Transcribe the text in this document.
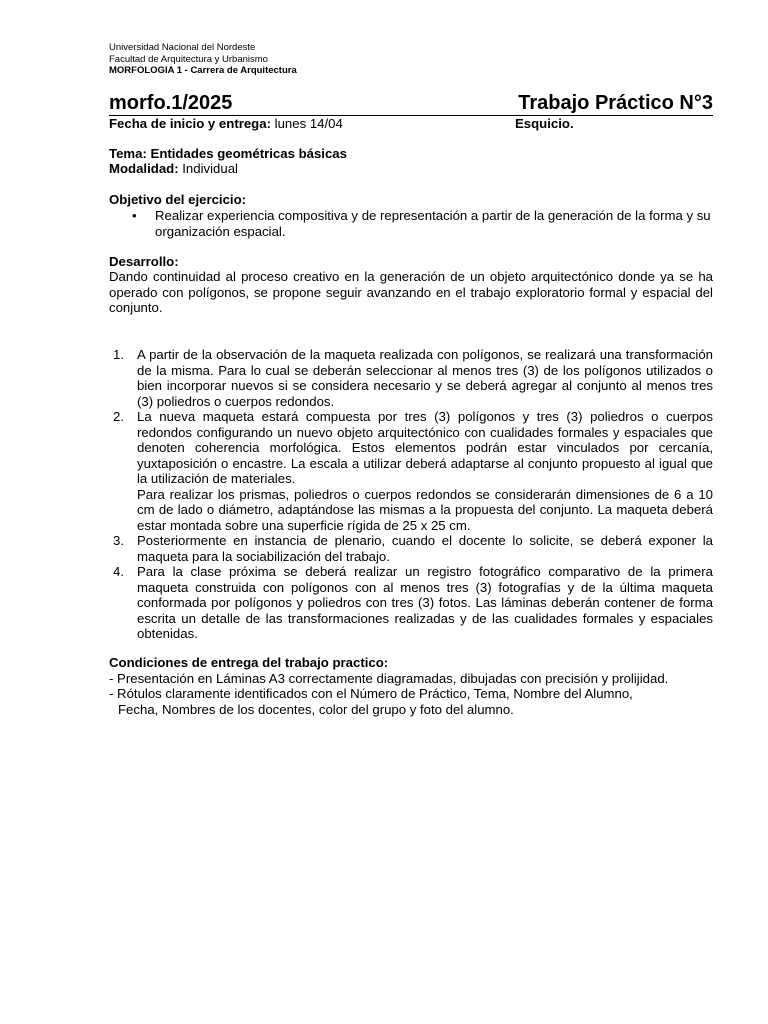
Universidad Nacional del Nordeste
Facultad de Arquitectura y Urbanismo
MORFOLOGIA 1 - Carrera de Arquitectura
morfo.1/2025	Trabajo Práctico N°3
Fecha de inicio y entrega: lunes 14/04	Esquicio.
Tema: Entidades geométricas básicas
Modalidad: Individual
Objetivo del ejercicio:
• Realizar experiencia compositiva y de representación a partir de la generación de la forma y su organización espacial.
Desarrollo:
Dando continuidad al proceso creativo en la generación de un objeto arquitectónico donde ya se ha operado con polígonos, se propone seguir avanzando en el trabajo exploratorio formal y espacial del conjunto.
1. A partir de la observación de la maqueta realizada con polígonos, se realizará una transformación de la misma. Para lo cual se deberán seleccionar al menos tres (3) de los polígonos utilizados o bien incorporar nuevos si se considera necesario y se deberá agregar al conjunto al menos tres (3) poliedros o cuerpos redondos.
2. La nueva maqueta estará compuesta por tres (3) polígonos y tres (3) poliedros o cuerpos redondos configurando un nuevo objeto arquitectónico con cualidades formales y espaciales que denoten coherencia morfológica. Estos elementos podrán estar vinculados por cercanía, yuxtaposición o encastre. La escala a utilizar deberá adaptarse al conjunto propuesto al igual que la utilización de materiales.
Para realizar los prismas, poliedros o cuerpos redondos se considerarán dimensiones de 6 a 10 cm de lado o diámetro, adaptándose las mismas a la propuesta del conjunto. La maqueta deberá estar montada sobre una superficie rígida de 25 x 25 cm.
3. Posteriormente en instancia de plenario, cuando el docente lo solicite, se deberá exponer la maqueta para la sociabilización del trabajo.
4. Para la clase próxima se deberá realizar un registro fotográfico comparativo de la primera maqueta construida con polígonos con al menos tres (3) fotografías y de la última maqueta conformada por polígonos y poliedros con tres (3) fotos. Las láminas deberán contener de forma escrita un detalle de las transformaciones realizadas y de las cualidades formales y espaciales obtenidas.
Condiciones de entrega del trabajo practico:
- Presentación en Láminas A3 correctamente diagramadas, dibujadas con precisión y prolijidad.
- Rótulos claramente identificados con el Número de Práctico, Tema, Nombre del Alumno,
Fecha, Nombres de los docentes, color del grupo y foto del alumno.
